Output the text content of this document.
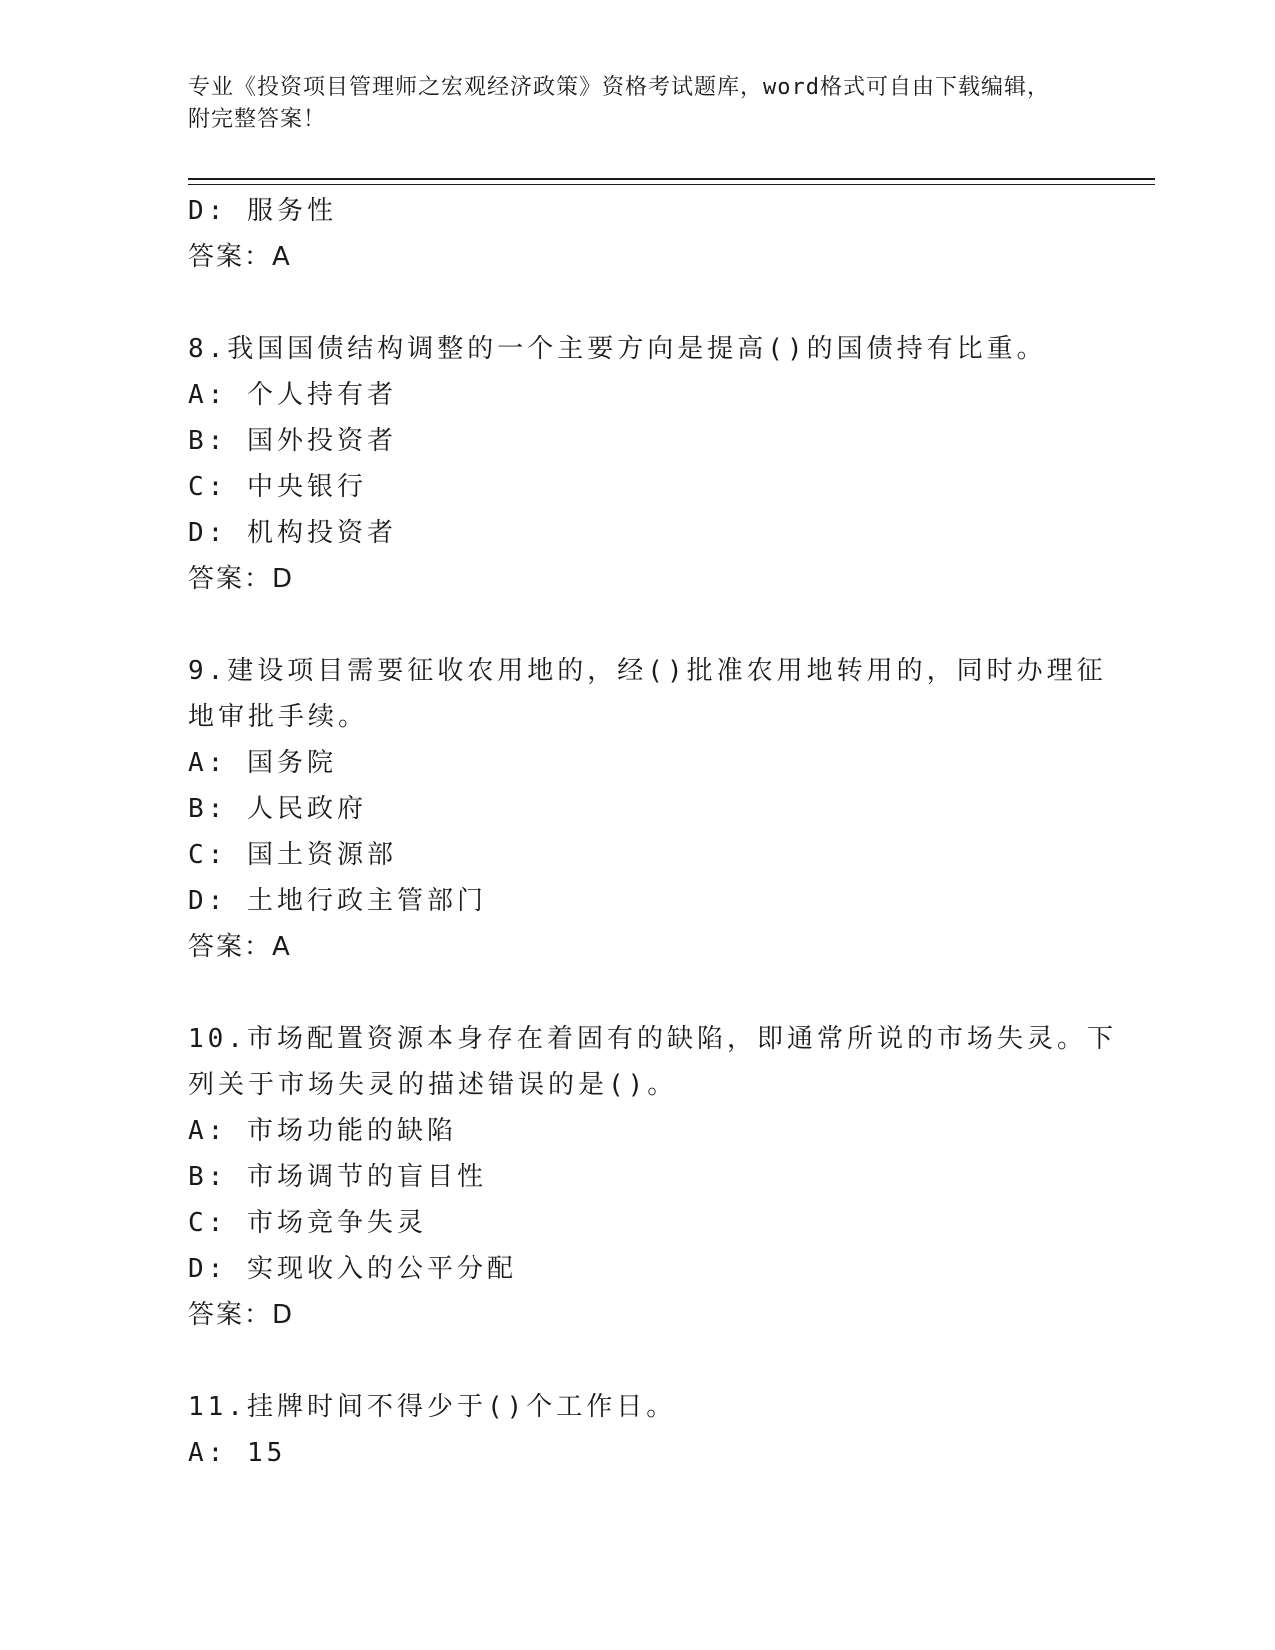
专业《投资项目管理师之宏观经济政策》资格考试题库，word格式可自由下载编辑，附完整答案！
D: 服务性
答案：A
8.我国国债结构调整的一个主要方向是提高()的国债持有比重。
A: 个人持有者
B: 国外投资者
C: 中央银行
D: 机构投资者
答案：D
9.建设项目需要征收农用地的，经()批准农用地转用的，同时办理征
地审批手续。
A: 国务院
B: 人民政府
C: 国土资源部
D: 土地行政主管部门
答案：A
10.市场配置资源本身存在着固有的缺陷，即通常所说的市场失灵。下
列关于市场失灵的描述错误的是()。
A: 市场功能的缺陷
B: 市场调节的盲目性
C: 市场竞争失灵
D: 实现收入的公平分配
答案：D
11.挂牌时间不得少于()个工作日。
A: 15
